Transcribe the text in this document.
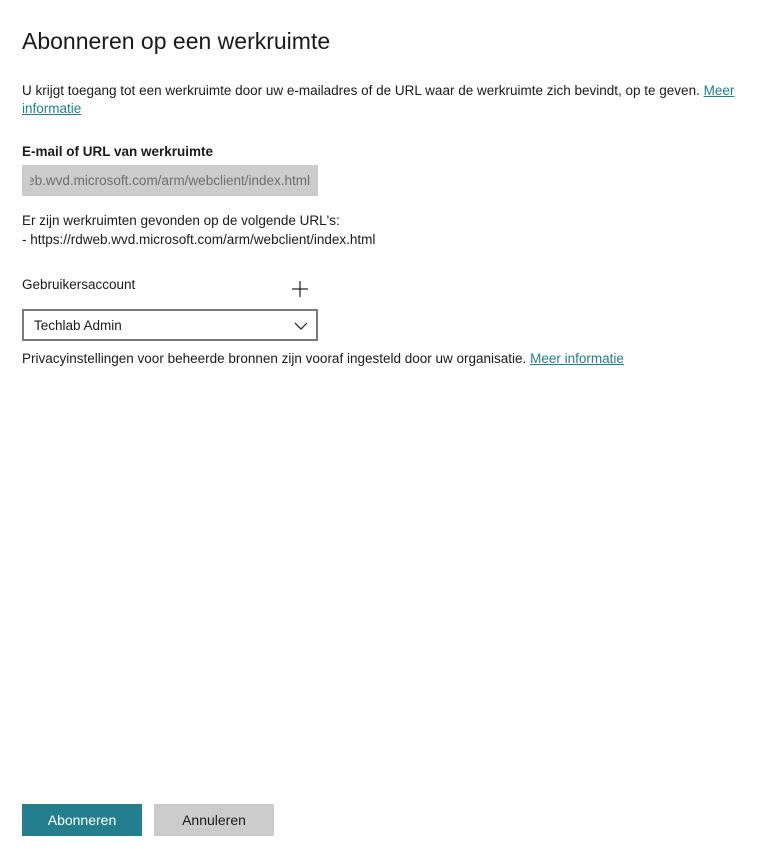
Abonneren op een werkruimte
U krijgt toegang tot een werkruimte door uw e-mailadres of de URL waar de werkruimte zich bevindt, op te geven. Meer informatie
E-mail of URL van werkruimte
https://rdweb.wvd.microsoft.com/arm/webclient/index.html
Er zijn werkruimten gevonden op de volgende URL's:
- https://rdweb.wvd.microsoft.com/arm/webclient/index.html
Gebruikersaccount
Techlab Admin
Privacyinstellingen voor beheerde bronnen zijn vooraf ingesteld door uw organisatie. Meer informatie
Abonneren	Annuleren
